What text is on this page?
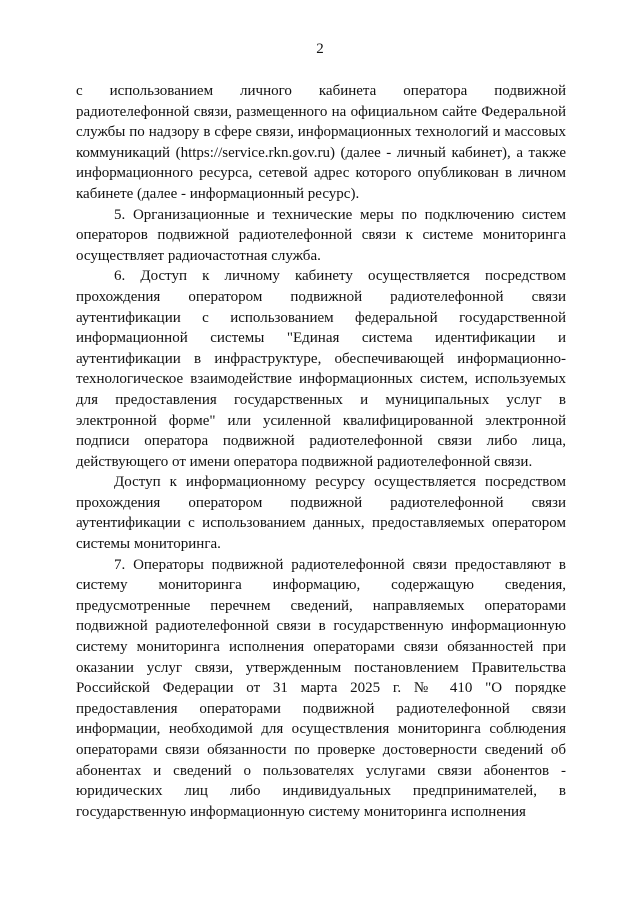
2

с использованием личного кабинета оператора подвижной радиотелефонной связи, размещенного на официальном сайте Федеральной службы по надзору в сфере связи, информационных технологий и массовых коммуникаций (https://service.rkn.gov.ru) (далее - личный кабинет), а также информационного ресурса, сетевой адрес которого опубликован в личном кабинете (далее - информационный ресурс).

5. Организационные и технические меры по подключению систем операторов подвижной радиотелефонной связи к системе мониторинга осуществляет радиочастотная служба.

6. Доступ к личному кабинету осуществляется посредством прохождения оператором подвижной радиотелефонной связи аутентификации с использованием федеральной государственной информационной системы "Единая система идентификации и аутентификации в инфраструктуре, обеспечивающей информационно-технологическое взаимодействие информационных систем, используемых для предоставления государственных и муниципальных услуг в электронной форме" или усиленной квалифицированной электронной подписи оператора подвижной радиотелефонной связи либо лица, действующего от имени оператора подвижной радиотелефонной связи.

Доступ к информационному ресурсу осуществляется посредством прохождения оператором подвижной радиотелефонной связи аутентификации с использованием данных, предоставляемых оператором системы мониторинга.

7. Операторы подвижной радиотелефонной связи предоставляют в систему мониторинга информацию, содержащую сведения, предусмотренные перечнем сведений, направляемых операторами подвижной радиотелефонной связи в государственную информационную систему мониторинга исполнения операторами связи обязанностей при оказании услуг связи, утвержденным постановлением Правительства Российской Федерации от 31 марта 2025 г. № 410 "О порядке предоставления операторами подвижной радиотелефонной связи информации, необходимой для осуществления мониторинга соблюдения операторами связи обязанности по проверке достоверности сведений об абонентах и сведений о пользователях услугами связи абонентов - юридических лиц либо индивидуальных предпринимателей, в государственную информационную систему мониторинга исполнения
